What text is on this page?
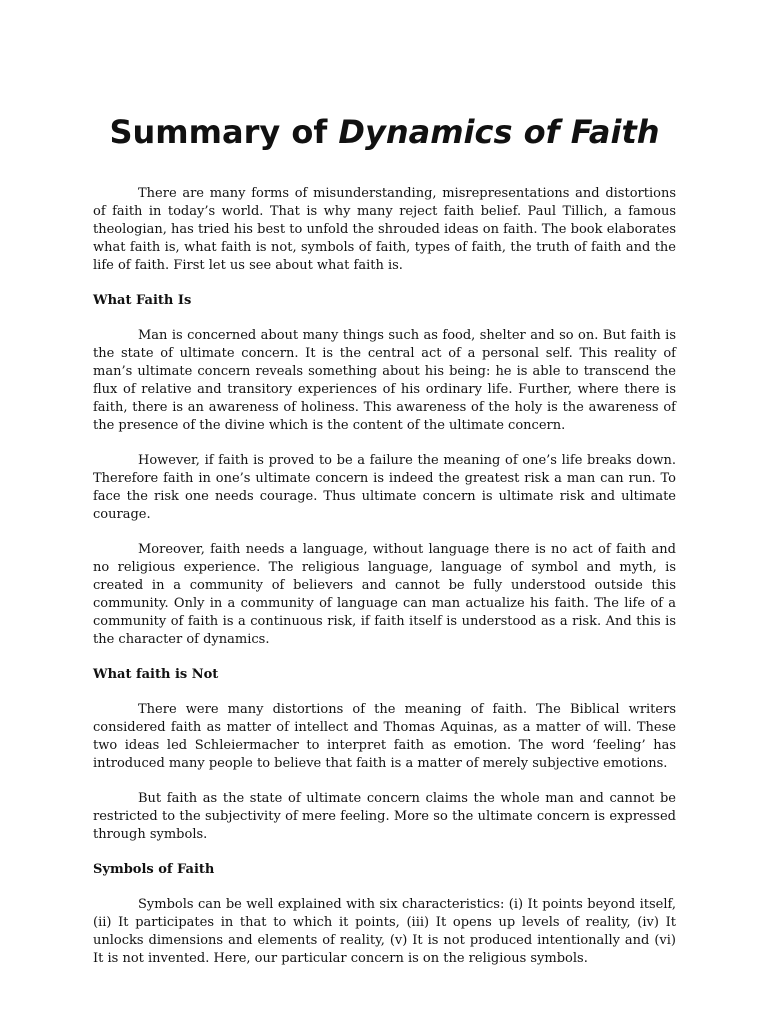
Summary of Dynamics of Faith

There are many forms of misunderstanding, misrepresentations and distortions of faith in today’s world. That is why many reject faith belief. Paul Tillich, a famous theologian, has tried his best to unfold the shrouded ideas on faith. The book elaborates what faith is, what faith is not, symbols of faith, types of faith, the truth of faith and the life of faith. First let us see about what faith is.

What Faith Is

Man is concerned about many things such as food, shelter and so on. But faith is the state of ultimate concern. It is the central act of a personal self. This reality of man’s ultimate concern reveals something about his being: he is able to transcend the flux of relative and transitory experiences of his ordinary life. Further, where there is faith, there is an awareness of holiness. This awareness of the holy is the awareness of the presence of the divine which is the content of the ultimate concern.

However, if faith is proved to be a failure the meaning of one’s life breaks down. Therefore faith in one’s ultimate concern is indeed the greatest risk a man can run. To face the risk one needs courage. Thus ultimate concern is ultimate risk and ultimate courage.

Moreover, faith needs a language, without language there is no act of faith and no religious experience. The religious language, language of symbol and myth, is created in a community of believers and cannot be fully understood outside this community. Only in a community of language can man actualize his faith. The life of a community of faith is a continuous risk, if faith itself is understood as a risk. And this is the character of dynamics.

What faith is Not

There were many distortions of the meaning of faith. The Biblical writers considered faith as matter of intellect and Thomas Aquinas, as a matter of will. These two ideas led Schleiermacher to interpret faith as emotion. The word ‘feeling’ has introduced many people to believe that faith is a matter of merely subjective emotions.

But faith as the state of ultimate concern claims the whole man and cannot be restricted to the subjectivity of mere feeling. More so the ultimate concern is expressed through symbols.

Symbols of Faith

Symbols can be well explained with six characteristics: (i) It points beyond itself, (ii) It participates in that to which it points, (iii) It opens up levels of reality, (iv) It unlocks dimensions and elements of reality, (v) It is not produced intentionally and (vi) It is not invented. Here, our particular concern is on the religious symbols.
